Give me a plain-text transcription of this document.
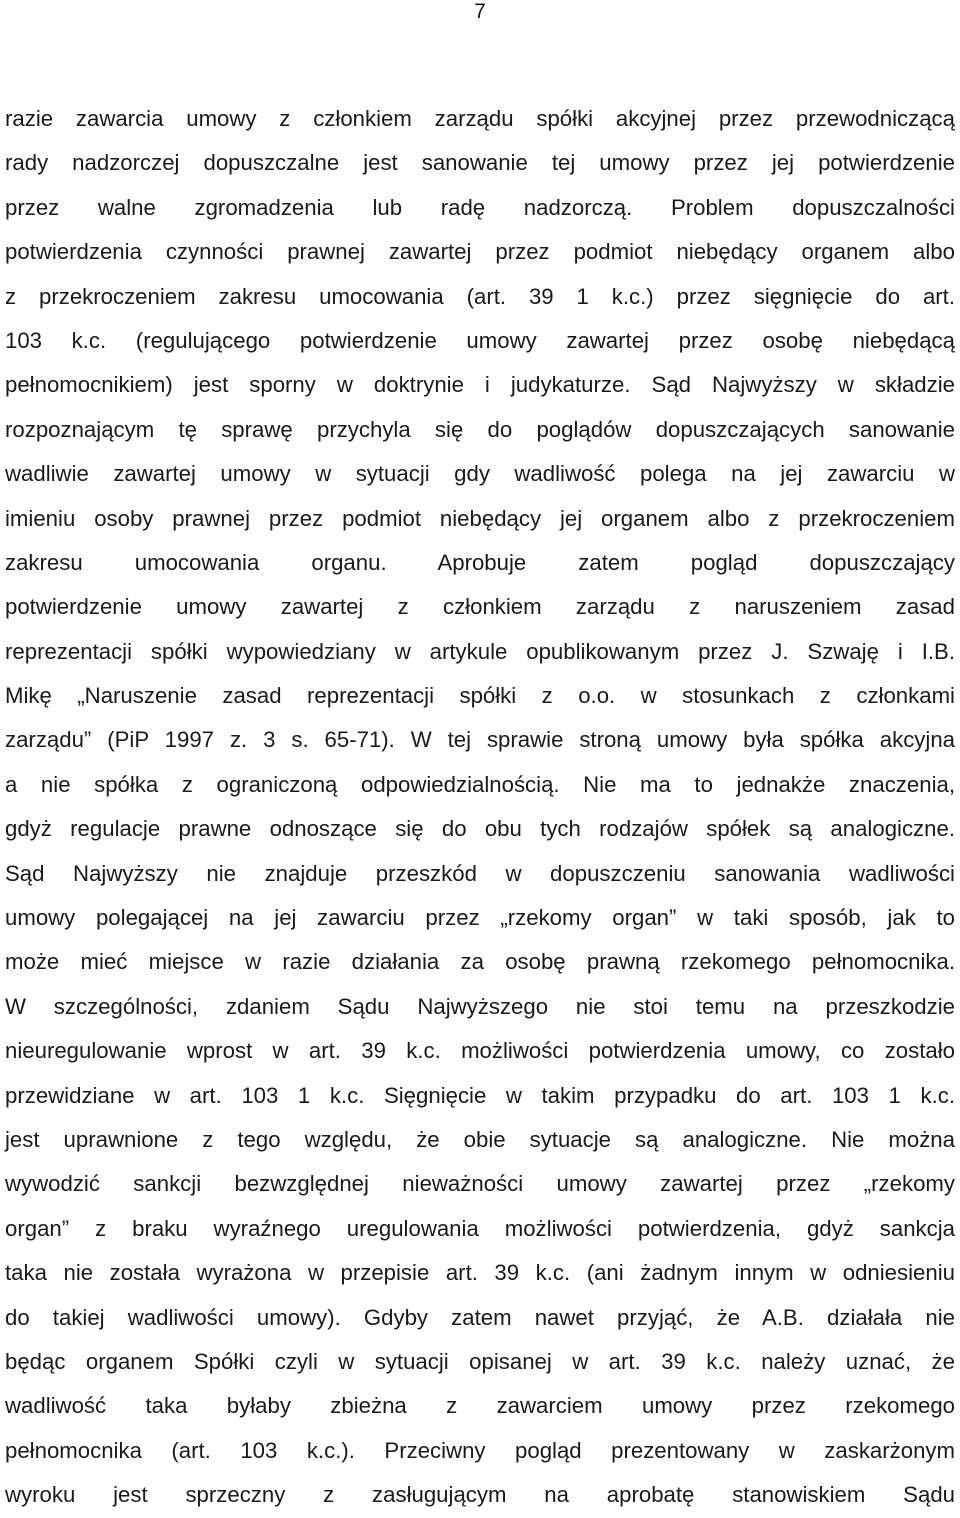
7
razie zawarcia umowy z członkiem zarządu spółki akcyjnej przez przewodniczącą
rady nadzorczej dopuszczalne jest sanowanie tej umowy przez jej potwierdzenie
przez walne zgromadzenia lub radę nadzorczą. Problem dopuszczalności
potwierdzenia czynności prawnej zawartej przez podmiot niebędący organem albo
z przekroczeniem zakresu umocowania (art. 39 1 k.c.) przez sięgnięcie do art.
103 k.c. (regulującego potwierdzenie umowy zawartej przez osobę niebędącą
pełnomocnikiem) jest sporny w doktrynie i judykaturze. Sąd Najwyższy w składzie
rozpoznającym tę sprawę przychyla się do poglądów dopuszczających sanowanie
wadliwie zawartej umowy w sytuacji gdy wadliwość polega na jej zawarciu w
imieniu osoby prawnej przez podmiot niebędący jej organem albo z przekroczeniem
zakresu umocowania organu. Aprobuje zatem pogląd dopuszczający
potwierdzenie umowy zawartej z członkiem zarządu z naruszeniem zasad
reprezentacji spółki wypowiedziany w artykule opublikowanym przez J. Szwaję i I.B.
Mikę „Naruszenie zasad reprezentacji spółki z o.o. w stosunkach z członkami
zarządu” (PiP 1997 z. 3 s. 65-71). W tej sprawie stroną umowy była spółka akcyjna
a nie spółka z ograniczoną odpowiedzialnością. Nie ma to jednakże znaczenia,
gdyż regulacje prawne odnoszące się do obu tych rodzajów spółek są analogiczne.
Sąd Najwyższy nie znajduje przeszkód w dopuszczeniu sanowania wadliwości
umowy polegającej na jej zawarciu przez „rzekomy organ” w taki sposób, jak to
może mieć miejsce w razie działania za osobę prawną rzekomego pełnomocnika.
W szczególności, zdaniem Sądu Najwyższego nie stoi temu na przeszkodzie
nieuregulowanie wprost w art. 39 k.c. możliwości potwierdzenia umowy, co zostało
przewidziane w art. 103 1 k.c. Sięgnięcie w takim przypadku do art. 103 1 k.c.
jest uprawnione z tego względu, że obie sytuacje są analogiczne. Nie można
wywodzić sankcji bezwzględnej nieważności umowy zawartej przez „rzekomy
organ” z braku wyraźnego uregulowania możliwości potwierdzenia, gdyż sankcja
taka nie została wyrażona w przepisie art. 39 k.c. (ani żadnym innym w odniesieniu
do takiej wadliwości umowy). Gdyby zatem nawet przyjąć, że A.B. działała nie
będąc organem Spółki czyli w sytuacji opisanej w art. 39 k.c. należy uznać, że
wadliwość taka byłaby zbieżna z zawarciem umowy przez rzekomego
pełnomocnika (art. 103 k.c.). Przeciwny pogląd prezentowany w zaskarżonym
wyroku jest sprzeczny z zasługującym na aprobatę stanowiskiem Sądu
